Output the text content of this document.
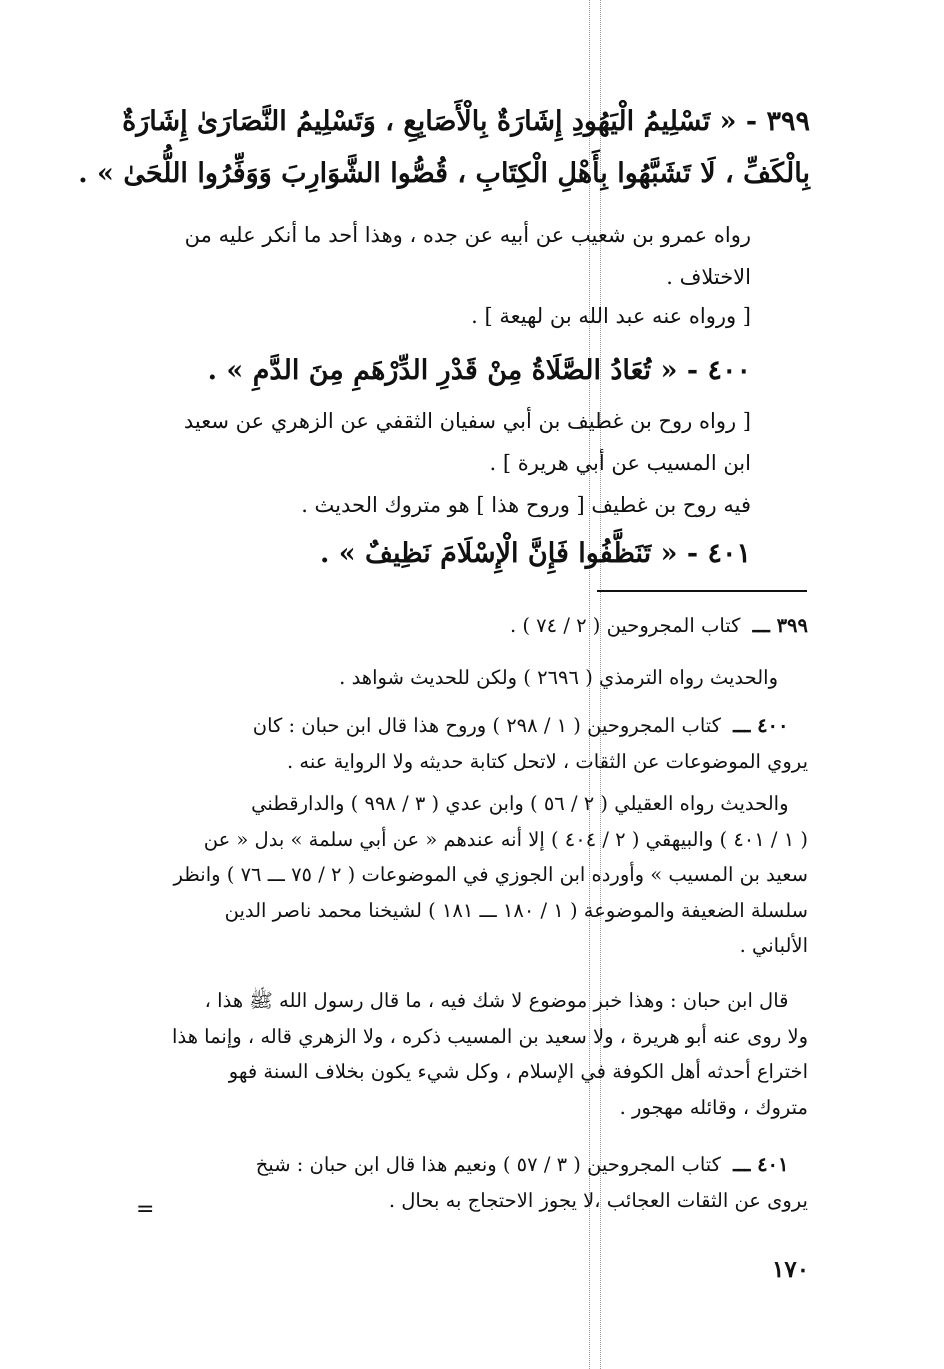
٣٩٩ - « تَسْلِيمُ الْيَهُودِ إِشَارَةٌ بِالْأَصَابِعِ ، وَتَسْلِيمُ النَّصَارَىٰ إِشَارَةٌ
بِالْكَفِّ ، لَا تَشَبَّهُوا بِأَهْلِ الْكِتَابِ ، قُصُّوا الشَّوَارِبَ وَوَفِّرُوا اللُّحَىٰ » .
رواه عمرو بن شعيب عن أبيه عن جده ، وهذا أحد ما أنكر عليه من
الاختلاف .
[ ورواه عنه عبد الله بن لهيعة ] .
٤٠٠ - « تُعَادُ الصَّلَاةُ مِنْ قَدْرِ الدِّرْهَمِ مِنَ الدَّمِ » .
[ رواه روح بن غطيف بن أبي سفيان الثقفي عن الزهري عن سعيد
ابن المسيب عن أبي هريرة ] .
فيه روح بن غطيف [ وروح هذا ] هو متروك الحديث .
٤٠١ - « تَنَظَّفُوا فَإِنَّ الْإِسْلَامَ نَظِيفٌ » .
٣٩٩ ـــ كتاب المجروحين ( ٢ / ٧٤ ) .
والحديث رواه الترمذي ( ٢٦٩٦ ) ولكن للحديث شواهد .
 ٤٠٠ ـــ كتاب المجروحين ( ١ / ٢٩٨ ) وروح هذا قال ابن حبان : كان
يروي الموضوعات عن الثقات ، لاتحل كتابة حديثه ولا الرواية عنه .
 والحديث رواه العقيلي ( ٢ / ٥٦ ) وابن عدي ( ٣ / ٩٩٨ ) والدارقطني
( ١ / ٤٠١ ) والبيهقي ( ٢ / ٤٠٤ ) إلا أنه عندهم « عن أبي سلمة » بدل « عن
سعيد بن المسيب » وأورده ابن الجوزي في الموضوعات ( ٢ / ٧٥ ـــ ٧٦ ) وانظر
سلسلة الضعيفة والموضوعة ( ١ / ١٨٠ ـــ ١٨١ ) لشيخنا محمد ناصر الدين
الألباني .
 قال ابن حبان : وهذا خبر موضوع لا شك فيه ، ما قال رسول الله ﷺ هذا ،
ولا روى عنه أبو هريرة ، ولا سعيد بن المسيب ذكره ، ولا الزهري قاله ، وإنما هذا
اختراع أحدثه أهل الكوفة في الإسلام ، وكل شيء يكون بخلاف السنة فهو
متروك ، وقائله مهجور .
 ٤٠١ ـــ كتاب المجروحين ( ٣ / ٥٧ ) ونعيم هذا قال ابن حبان : شيخ
يروى عن الثقات العجائب ،لا يجوز الاحتجاج به بحال .
=
١٧٠
